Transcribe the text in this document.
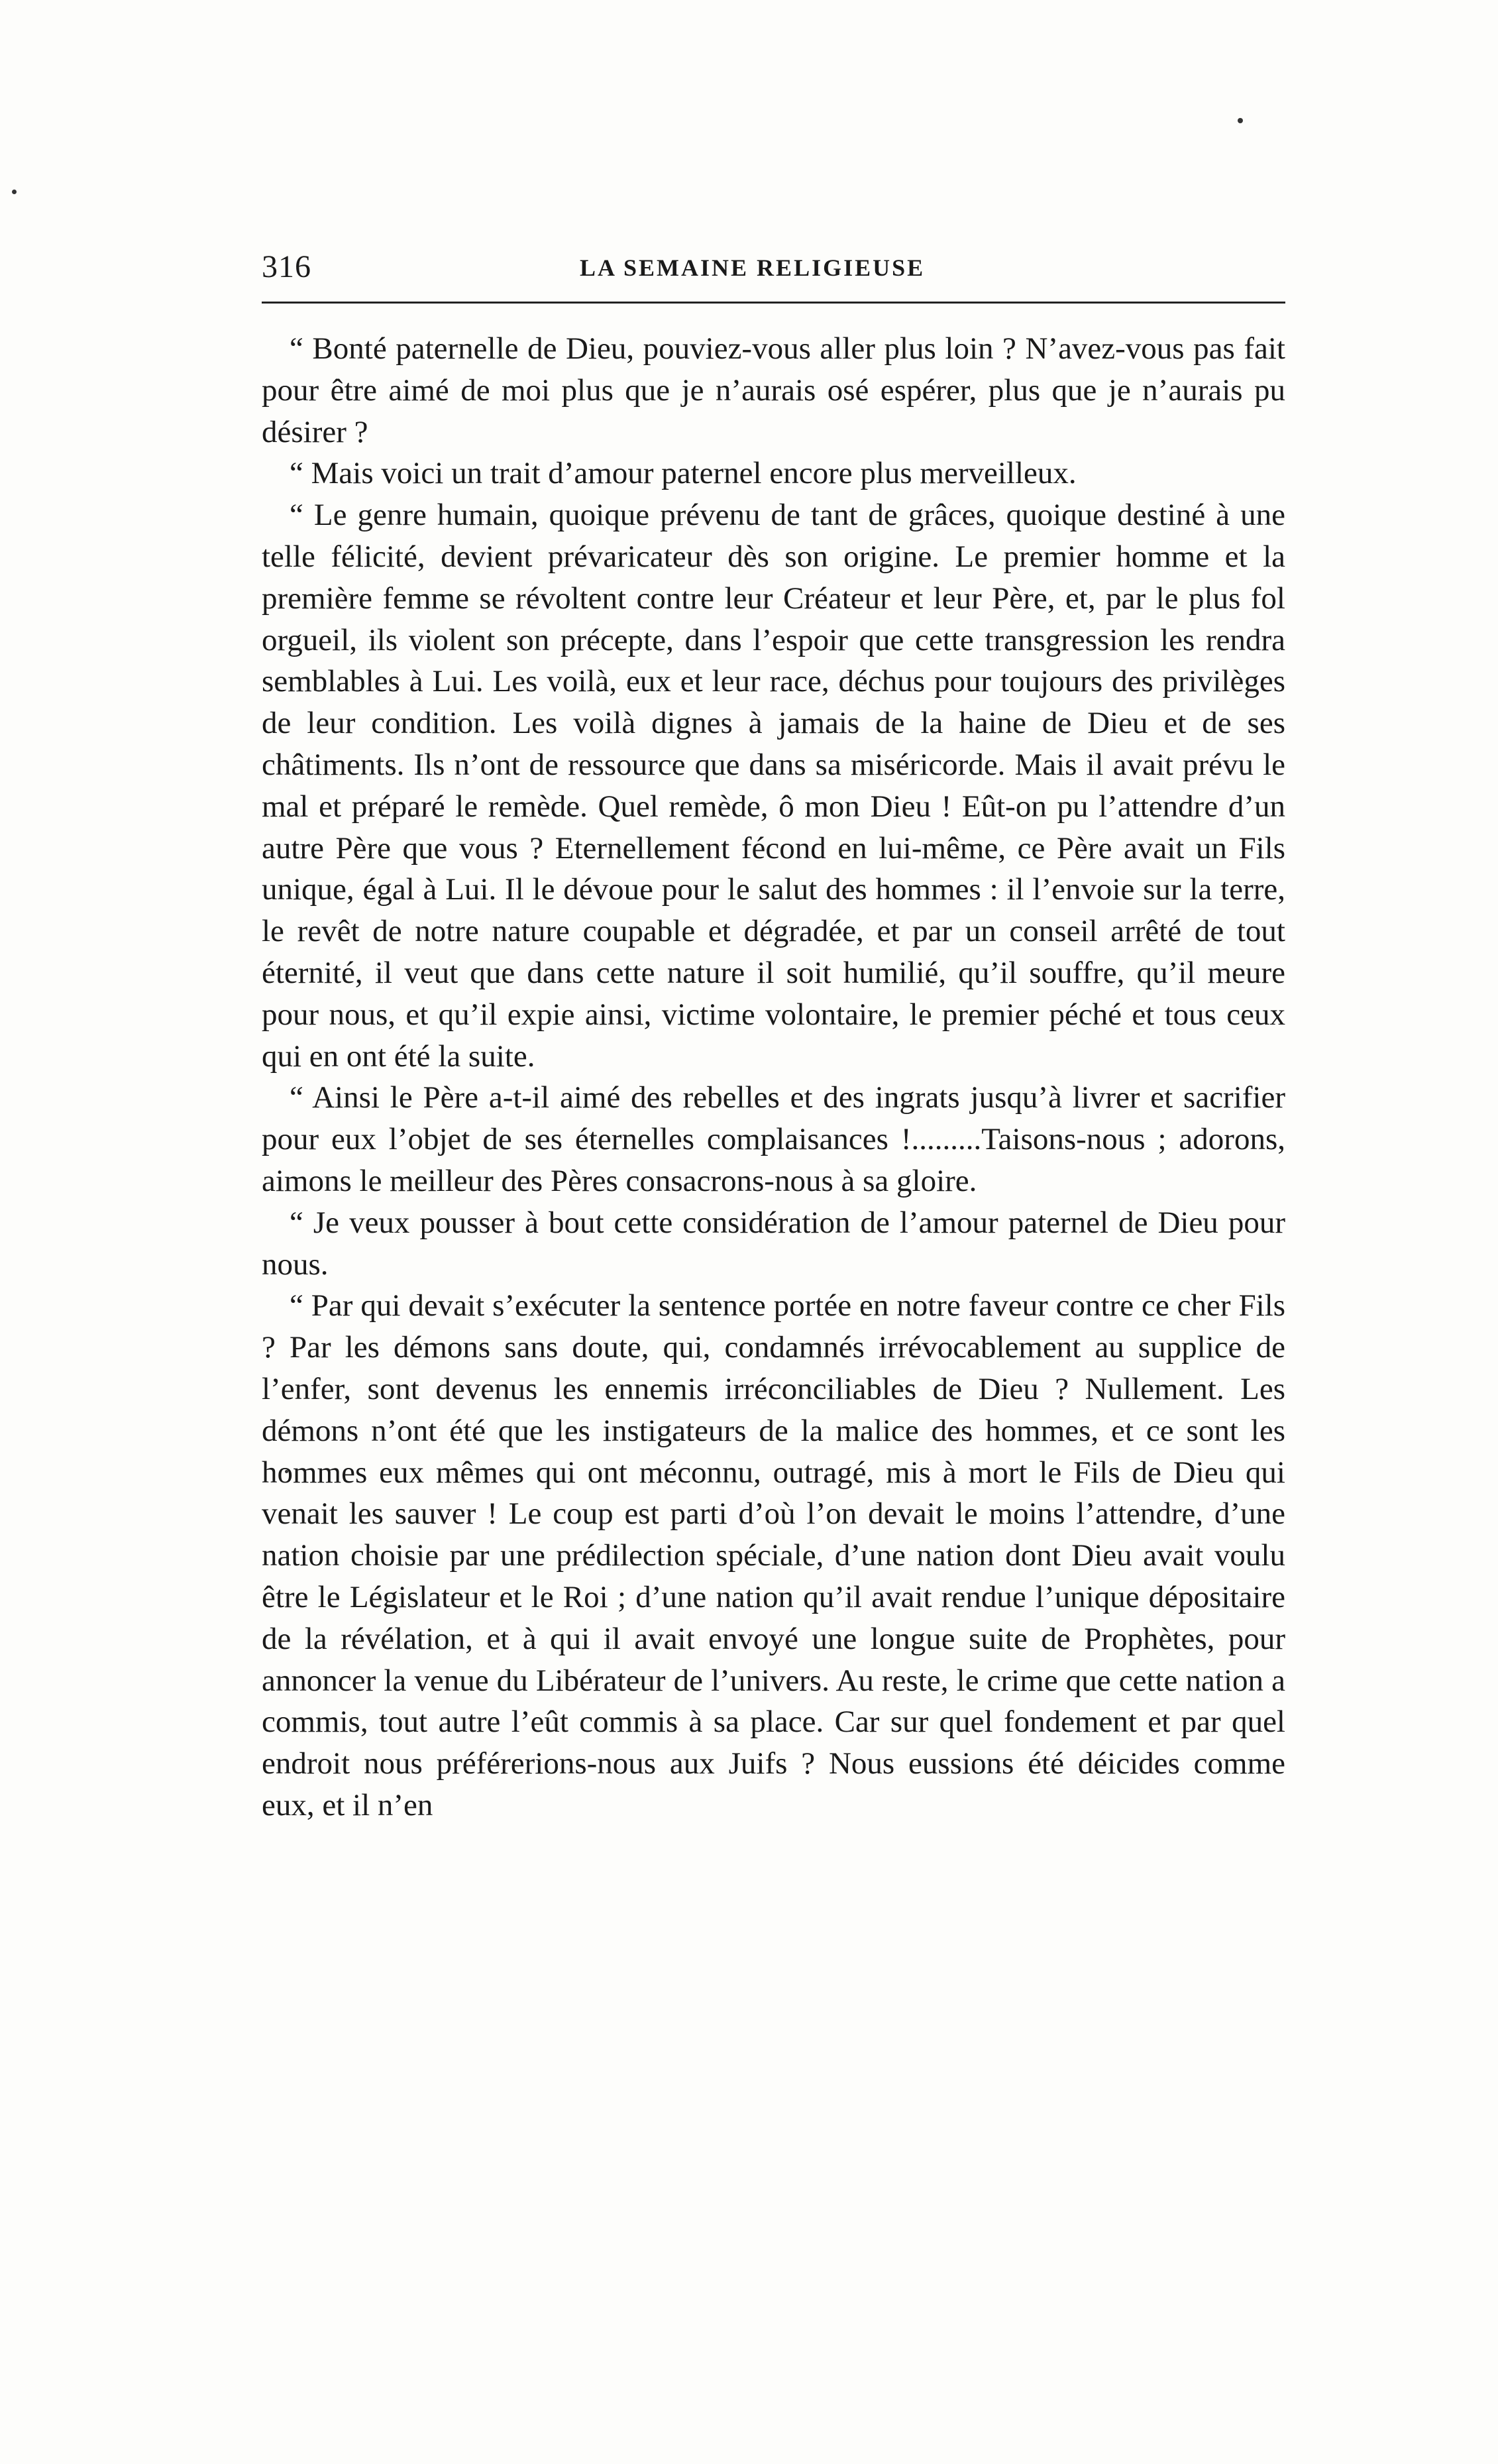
316	LA SEMAINE RELIGIEUSE

“ Bonté paternelle de Dieu, pouviez-vous aller plus loin ? N’avez-vous pas fait pour être aimé de moi plus que je n’aurais osé espérer, plus que je n’aurais pu désirer ?

“ Mais voici un trait d’amour paternel encore plus merveilleux.

“ Le genre humain, quoique prévenu de tant de grâces, quoique destiné à une telle félicité, devient prévaricateur dès son origine. Le premier homme et la première femme se révoltent contre leur Créateur et leur Père, et, par le plus fol orgueil, ils violent son précepte, dans l’espoir que cette transgression les rendra semblables à Lui. Les voilà, eux et leur race, déchus pour toujours des privilèges de leur condition. Les voilà dignes à jamais de la haine de Dieu et de ses châtiments. Ils n’ont de ressource que dans sa miséricorde. Mais il avait prévu le mal et préparé le remède. Quel remède, ô mon Dieu ! Eût-on pu l’attendre d’un autre Père que vous ? Eternellement fécond en lui-même, ce Père avait un Fils unique, égal à Lui. Il le dévoue pour le salut des hommes : il l’envoie sur la terre, le revêt de notre nature coupable et dégradée, et par un conseil arrêté de tout éternité, il veut que dans cette nature il soit humilié, qu’il souffre, qu’il meure pour nous, et qu’il expie ainsi, victime volontaire, le premier péché et tous ceux qui en ont été la suite.

“ Ainsi le Père a-t-il aimé des rebelles et des ingrats jusqu’à livrer et sacrifier pour eux l’objet de ses éternelles complaisances !.........Taisons-nous ; adorons, aimons le meilleur des Pères consacrons-nous à sa gloire.

“ Je veux pousser à bout cette considération de l’amour paternel de Dieu pour nous.

“ Par qui devait s’exécuter la sentence portée en notre faveur contre ce cher Fils ? Par les démons sans doute, qui, condamnés irrévocablement au supplice de l’enfer, sont devenus les ennemis irréconciliables de Dieu ? Nullement. Les démons n’ont été que les instigateurs de la malice des hommes, et ce sont les hommes eux mêmes qui ont méconnu, outragé, mis à mort le Fils de Dieu qui venait les sauver ! Le coup est parti d’où l’on devait le moins l’attendre, d’une nation choisie par une prédilection spéciale, d’une nation dont Dieu avait voulu être le Législateur et le Roi ; d’une nation qu’il avait rendue l’unique dépositaire de la révélation, et à qui il avait envoyé une longue suite de Prophètes, pour annoncer la venue du Libérateur de l’univers. Au reste, le crime que cette nation a commis, tout autre l’eût commis à sa place. Car sur quel fondement et par quel endroit nous préférerions-nous aux Juifs ? Nous eussions été déicides comme eux, et il n’en
